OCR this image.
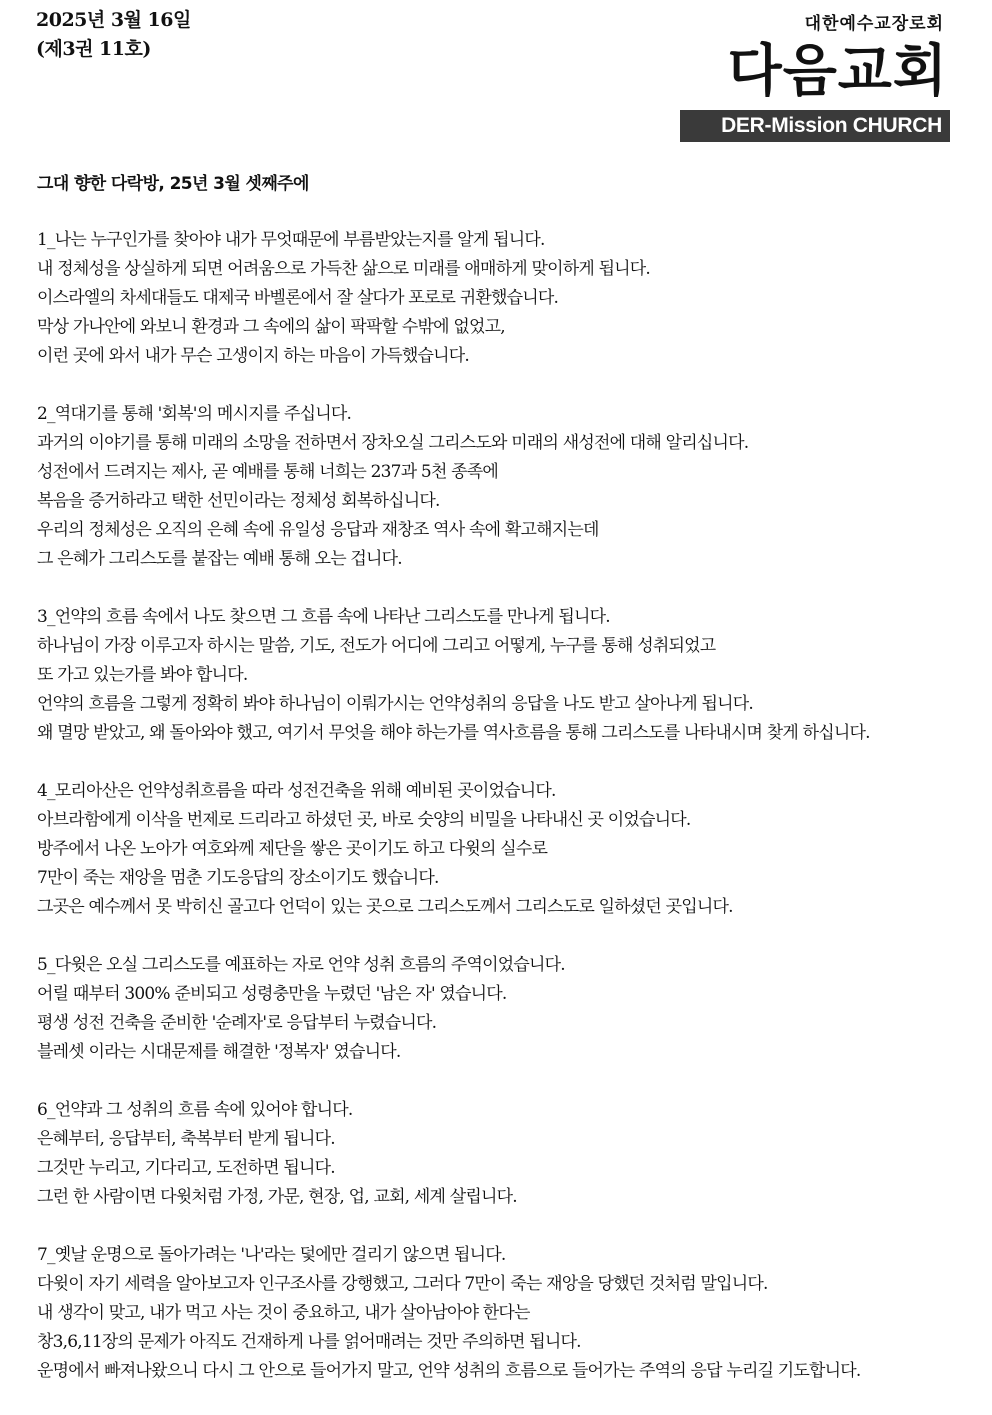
2025년 3월 16일
(제3권 11호)
대한예수교장로회
다음교회
DER-Mission CHURCH
그대 향한 다락방, 25년 3월 셋째주에
1_나는 누구인가를 찾아야 내가 무엇때문에 부름받았는지를 알게 됩니다.
내 정체성을 상실하게 되면 어려움으로 가득찬 삶으로 미래를 애매하게 맞이하게 됩니다.
이스라엘의 차세대들도 대제국 바벨론에서 잘 살다가 포로로 귀환했습니다.
막상 가나안에 와보니 환경과 그 속에의 삶이 팍팍할 수밖에 없었고,
이런 곳에 와서 내가 무슨 고생이지 하는 마음이 가득했습니다.
2_역대기를 통해 '회복'의 메시지를 주십니다.
과거의 이야기를 통해 미래의 소망을 전하면서 장차오실 그리스도와 미래의 새성전에 대해 알리십니다.
성전에서 드려지는 제사, 곧 예배를 통해 너희는 237과 5천 종족에
복음을 증거하라고 택한 선민이라는 정체성 회복하십니다.
우리의 정체성은 오직의 은혜 속에 유일성 응답과 재창조 역사 속에 확고해지는데
그 은혜가 그리스도를 붙잡는 예배 통해 오는 겁니다.
3_언약의 흐름 속에서 나도 찾으면 그 흐름 속에 나타난 그리스도를 만나게 됩니다.
하나님이 가장 이루고자 하시는 말씀, 기도, 전도가 어디에 그리고 어떻게, 누구를 통해 성취되었고
또 가고 있는가를 봐야 합니다.
언약의 흐름을 그렇게 정확히 봐야 하나님이 이뤄가시는 언약성취의 응답을 나도 받고 살아나게 됩니다.
왜 멸망 받았고, 왜 돌아와야 했고, 여기서 무엇을 해야 하는가를 역사흐름을 통해 그리스도를 나타내시며 찾게 하십니다.
4_모리아산은 언약성취흐름을 따라 성전건축을 위해 예비된 곳이었습니다.
아브라함에게 이삭을 번제로 드리라고 하셨던 곳, 바로 숫양의 비밀을 나타내신 곳 이었습니다.
방주에서 나온 노아가 여호와께 제단을 쌓은 곳이기도 하고 다윗의 실수로
7만이 죽는 재앙을 멈춘 기도응답의 장소이기도 했습니다.
그곳은 예수께서 못 박히신 골고다 언덕이 있는 곳으로 그리스도께서 그리스도로 일하셨던 곳입니다.
5_다윗은 오실 그리스도를 예표하는 자로 언약 성취 흐름의 주역이었습니다.
어릴 때부터 300% 준비되고 성령충만을 누렸던 '남은 자' 였습니다.
평생 성전 건축을 준비한 '순례자'로 응답부터 누렸습니다.
블레셋 이라는 시대문제를 해결한 '정복자' 였습니다.
6_언약과 그 성취의 흐름 속에 있어야 합니다.
은혜부터, 응답부터, 축복부터 받게 됩니다.
그것만 누리고, 기다리고, 도전하면 됩니다.
그런 한 사람이면 다윗처럼 가정, 가문, 현장, 업, 교회, 세계 살립니다.
7_옛날 운명으로 돌아가려는 '나'라는 덫에만 걸리기 않으면 됩니다.
다윗이 자기 세력을 알아보고자 인구조사를 강행했고, 그러다 7만이 죽는 재앙을 당했던 것처럼 말입니다.
내 생각이 맞고, 내가 먹고 사는 것이 중요하고, 내가 살아남아야 한다는
창3,6,11장의 문제가 아직도 건재하게 나를 얽어매려는 것만 주의하면 됩니다.
운명에서 빠져나왔으니 다시 그 안으로 들어가지 말고, 언약 성취의 흐름으로 들어가는 주역의 응답 누리길 기도합니다.
